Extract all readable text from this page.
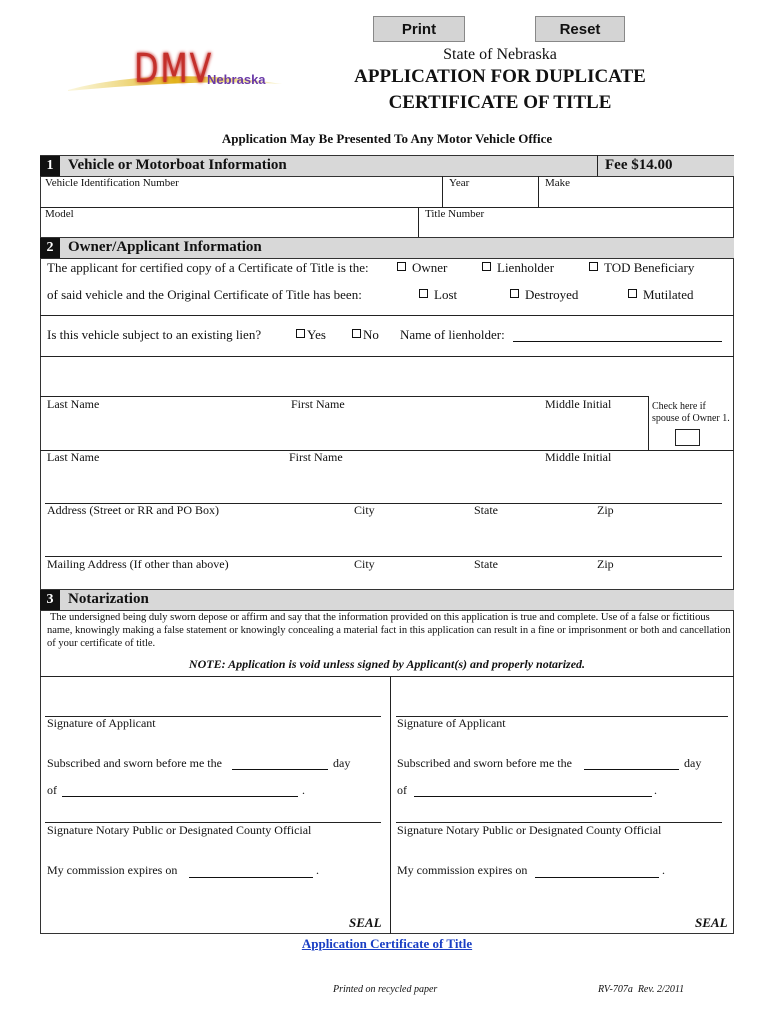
Print	Reset
DMV
Nebraska
State of Nebraska
APPLICATION FOR DUPLICATE
CERTIFICATE OF TITLE
Application May Be Presented To Any Motor Vehicle Office
1 Vehicle or Motorboat Information	Fee $14.00
Vehicle Identification Number	Year	Make
Model	Title Number
2 Owner/Applicant Information
The applicant for certified copy of a Certificate of Title is the:	Owner	Lienholder	TOD Beneficiary
of said vehicle and the Original Certificate of Title has been:	Lost	Destroyed	Mutilated
Is this vehicle subject to an existing lien?	Yes	No Name of lienholder:
Last Name	First Name	Middle Initial	Check here if
spouse of Owner 1.
Last Name	First Name	Middle Initial
Address (Street or RR and PO Box)	City	State	Zip
Mailing Address (If other than above)	City	State	Zip
3 Notarization
The undersigned being duly sworn depose or affirm and say that the information provided on this application is true and complete. Use of a false or fictitious name, knowingly making a false statement or knowingly concealing a material fact in this application can result in a fine or imprisonment or both and cancellation of your certificate of title.
NOTE: Application is void unless signed by Applicant(s) and properly notarized.
Signature of Applicant
Subscribed and sworn before me the	day
of	.
Signature Notary Public or Designated County Official
My commission expires on	.
SEAL
Signature of Applicant
Subscribed and sworn before me the	day
of	.
Signature Notary Public or Designated County Official
My commission expires on	.
SEAL
Application Certificate of Title
Printed on recycled paper	RV-707a  Rev. 2/2011
